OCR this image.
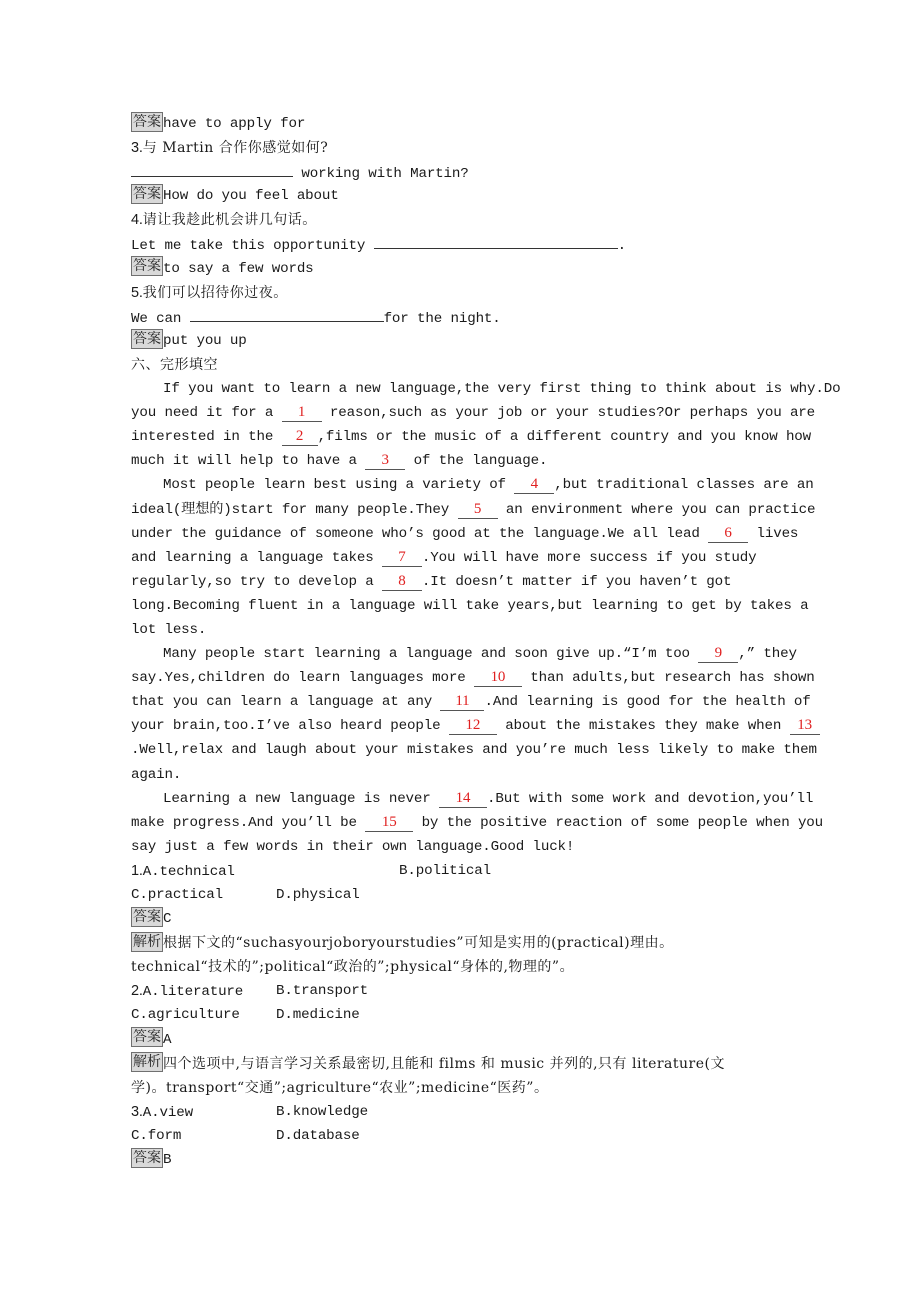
答案 have to apply for
3.与 Martin 合作你感觉如何?
working with Martin?
答案 How do you feel about
4.请让我趁此机会讲几句话。
Let me take this opportunity	.
答案 to say a few words
5.我们可以招待你过夜。
We can	for the night.
答案 put you up
六、完形填空
If you want to learn a new language,the very first thing to think about is why.Do
you need it for a 1 reason,such as your job or your studies?Or perhaps you are
interested in the 2 ,films or the music of a different country and you know how
much it will help to have a 3 of the language.
Most people learn best using a variety of 4 ,but traditional classes are an
ideal(理想的)start for many people.They 5 an environment where you can practice
under the guidance of someone who’s good at the language.We all lead 6 lives
and learning a language takes 7 .You will have more success if you study
regularly,so try to develop a 8 .It doesn’t matter if you haven’t got
long.Becoming fluent in a language will take years,but learning to get by takes a
lot less.
Many people start learning a language and soon give up.“I’m too 9 ,” they
say.Yes,children do learn languages more 10 than adults,but research has shown
that you can learn a language at any 11 .And learning is good for the health of
your brain,too.I’ve also heard people 12 about the mistakes they make when 13
.Well,relax and laugh about your mistakes and you’re much less likely to make them
again.
Learning a new language is never 14 .But with some work and devotion,you’ll
make progress.And you’ll be 15 by the positive reaction of some people when you
say just a few words in their own language.Good luck!
1.A.technical	B.political
C.practical	D.physical
答案 C
解析 根据下文的“suchasyourjoboryourstudies”可知是实用的(practical)理由。
technical“技术的”;political“政治的”;physical“身体的,物理的”。
2.A.literature B.transport
C.agriculture	D.medicine
答案 A
解析 四个选项中,与语言学习关系最密切,且能和 films 和 music 并列的,只有 literature(文
学)。transport“交通”;agriculture“农业”;medicine“医药”。
3.A.view	B.knowledge
C.form	D.database
答案 B
